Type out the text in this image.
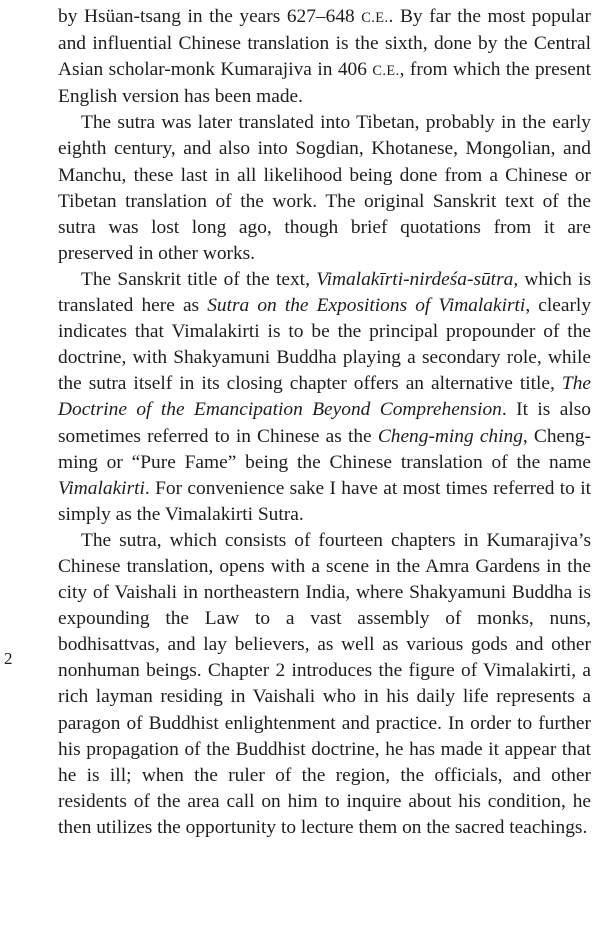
2

by Hsüan-tsang in the years 627–648 C.E.. By far the most popular and influential Chinese translation is the sixth, done by the Central Asian scholar-monk Kumarajiva in 406 C.E., from which the present English version has been made.

The sutra was later translated into Tibetan, probably in the early eighth century, and also into Sogdian, Khotanese, Mongolian, and Manchu, these last in all likelihood being done from a Chinese or Tibetan translation of the work. The original Sanskrit text of the sutra was lost long ago, though brief quotations from it are preserved in other works.

The Sanskrit title of the text, Vimalakīrti-nirdeśa-sūtra, which is translated here as Sutra on the Expositions of Vimalakirti, clearly indicates that Vimalakirti is to be the principal propounder of the doctrine, with Shakyamuni Buddha playing a secondary role, while the sutra itself in its closing chapter offers an alternative title, The Doctrine of the Emancipation Beyond Comprehension. It is also sometimes referred to in Chinese as the Cheng-ming ching, Cheng-ming or “Pure Fame” being the Chinese translation of the name Vimalakirti. For convenience sake I have at most times referred to it simply as the Vimalakirti Sutra.

The sutra, which consists of fourteen chapters in Kumarajiva’s Chinese translation, opens with a scene in the Amra Gardens in the city of Vaishali in northeastern India, where Shakyamuni Buddha is expounding the Law to a vast assembly of monks, nuns, bodhisattvas, and lay believers, as well as various gods and other nonhuman beings. Chapter 2 introduces the figure of Vimalakirti, a rich layman residing in Vaishali who in his daily life represents a paragon of Buddhist enlightenment and practice. In order to further his propagation of the Buddhist doctrine, he has made it appear that he is ill; when the ruler of the region, the officials, and other residents of the area call on him to inquire about his condition, he then utilizes the opportunity to lecture them on the sacred teachings.
